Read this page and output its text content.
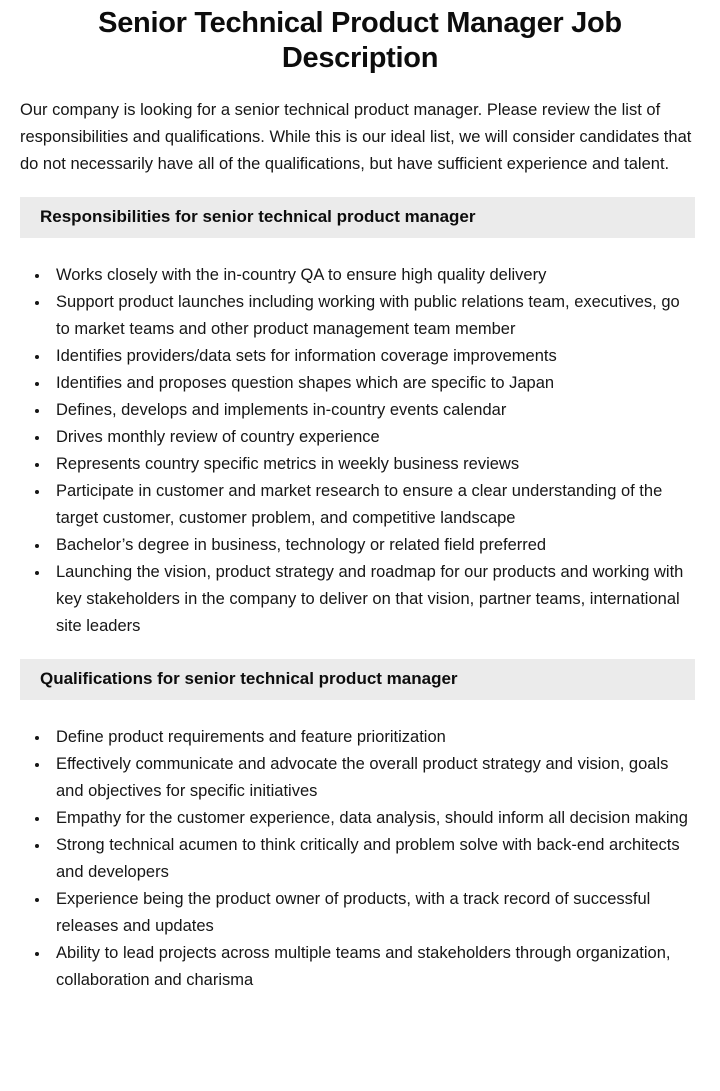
Senior Technical Product Manager Job Description

Our company is looking for a senior technical product manager. Please review the list of responsibilities and qualifications. While this is our ideal list, we will consider candidates that do not necessarily have all of the qualifications, but have sufficient experience and talent.

Responsibilities for senior technical product manager
• Works closely with the in-country QA to ensure high quality delivery
• Support product launches including working with public relations team, executives, go to market teams and other product management team member
• Identifies providers/data sets for information coverage improvements
• Identifies and proposes question shapes which are specific to Japan
• Defines, develops and implements in-country events calendar
• Drives monthly review of country experience
• Represents country specific metrics in weekly business reviews
• Participate in customer and market research to ensure a clear understanding of the target customer, customer problem, and competitive landscape
• Bachelor’s degree in business, technology or related field preferred
• Launching the vision, product strategy and roadmap for our products and working with key stakeholders in the company to deliver on that vision, partner teams, international site leaders
Qualifications for senior technical product manager
• Define product requirements and feature prioritization
• Effectively communicate and advocate the overall product strategy and vision, goals and objectives for specific initiatives
• Empathy for the customer experience, data analysis, should inform all decision making
• Strong technical acumen to think critically and problem solve with back-end architects and developers
• Experience being the product owner of products, with a track record of successful releases and updates
• Ability to lead projects across multiple teams and stakeholders through organization, collaboration and charisma
